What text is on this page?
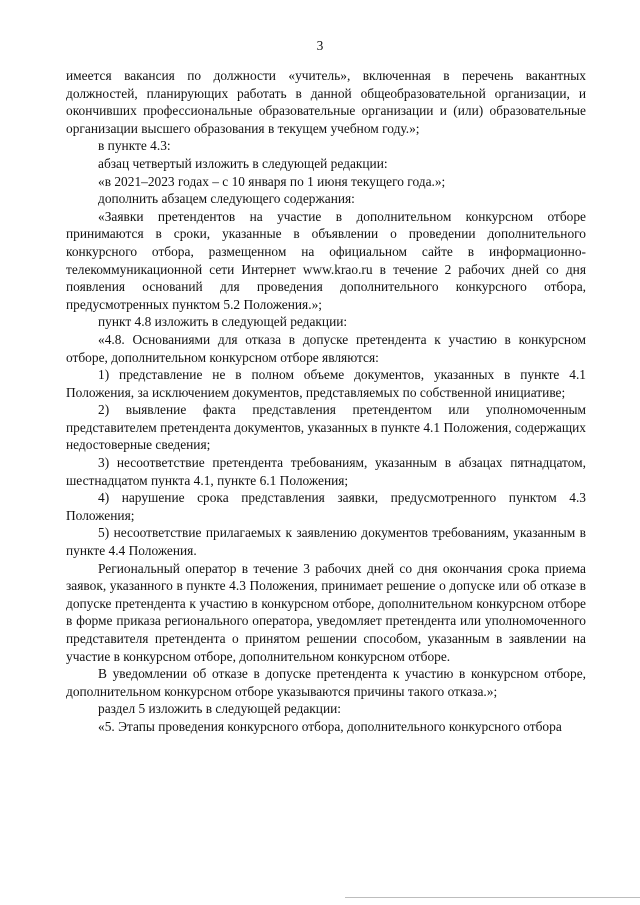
3

имеется вакансия по должности «учитель», включенная в перечень вакантных должностей, планирующих работать в данной общеобразовательной организации, и окончивших профессиональные образовательные организации и (или) образовательные организации высшего образования в текущем учебном году.»;

в пункте 4.3:

абзац четвертый изложить в следующей редакции:

«в 2021–2023 годах – с 10 января по 1 июня текущего года.»;

дополнить абзацем следующего содержания:

«Заявки претендентов на участие в дополнительном конкурсном отборе принимаются в сроки, указанные в объявлении о проведении дополнительного конкурсного отбора, размещенном на официальном сайте в информационно-телекоммуникационной сети Интернет www.krao.ru в течение 2 рабочих дней со дня появления оснований для проведения дополнительного конкурсного отбора, предусмотренных пунктом 5.2 Положения.»;

пункт 4.8 изложить в следующей редакции:

«4.8. Основаниями для отказа в допуске претендента к участию в конкурсном отборе, дополнительном конкурсном отборе являются:

1) представление не в полном объеме документов, указанных в пункте 4.1 Положения, за исключением документов, представляемых по собственной инициативе;

2) выявление факта представления претендентом или уполномоченным представителем претендента документов, указанных в пункте 4.1 Положения, содержащих недостоверные сведения;

3) несоответствие претендента требованиям, указанным в абзацах пятнадцатом, шестнадцатом пункта 4.1, пункте 6.1 Положения;

4) нарушение срока представления заявки, предусмотренного пунктом 4.3 Положения;

5) несоответствие прилагаемых к заявлению документов требованиям, указанным в пункте 4.4 Положения.

Региональный оператор в течение 3 рабочих дней со дня окончания срока приема заявок, указанного в пункте 4.3 Положения, принимает решение о допуске или об отказе в допуске претендента к участию в конкурсном отборе, дополнительном конкурсном отборе в форме приказа регионального оператора, уведомляет претендента или уполномоченного представителя претендента о принятом решении способом, указанным в заявлении на участие в конкурсном отборе, дополнительном конкурсном отборе.

В уведомлении об отказе в допуске претендента к участию в конкурсном отборе, дополнительном конкурсном отборе указываются причины такого отказа.»;

раздел 5 изложить в следующей редакции:

«5. Этапы проведения конкурсного отбора, дополнительного конкурсного отбора
